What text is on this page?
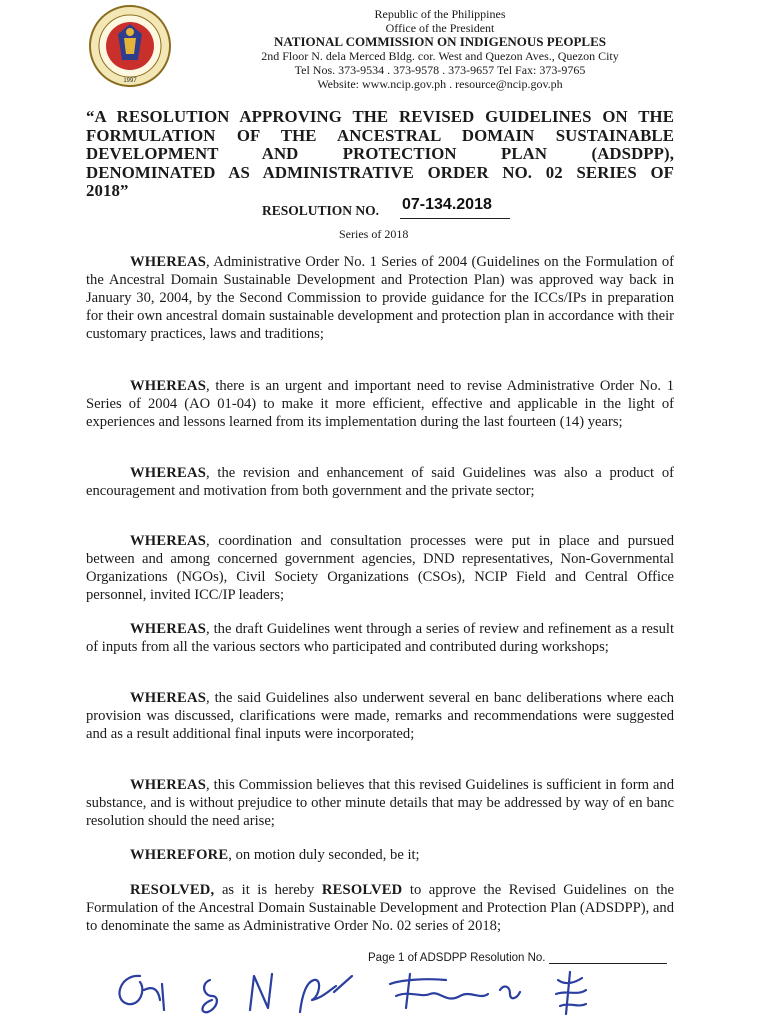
1997
Republic of the Philippines
Office of the President
NATIONAL COMMISSION ON INDIGENOUS PEOPLES
2nd Floor N. dela Merced Bldg. cor. West and Quezon Aves., Quezon City
Tel Nos. 373-9534 . 373-9578 . 373-9657 Tel Fax: 373-9765
Website: www.ncip.gov.ph . resource@ncip.gov.ph
“A RESOLUTION APPROVING THE REVISED GUIDELINES ON THE
FORMULATION OF THE ANCESTRAL DOMAIN SUSTAINABLE
DEVELOPMENT AND PROTECTION PLAN (ADSDPP),
DENOMINATED AS ADMINISTRATIVE ORDER NO. 02 SERIES OF
2018”
RESOLUTION NO. 07-134.2018
Series of 2018

WHEREAS, Administrative Order No. 1 Series of 2004 (Guidelines on the Formulation of the Ancestral Domain Sustainable Development and Protection Plan) was approved way back in January 30, 2004, by the Second Commission to provide guidance for the ICCs/IPs in preparation for their own ancestral domain sustainable development and protection plan in accordance with their customary practices, laws and traditions;

WHEREAS, there is an urgent and important need to revise Administrative Order No. 1 Series of 2004 (AO 01-04) to make it more efficient, effective and applicable in the light of experiences and lessons learned from its implementation during the last fourteen (14) years;

WHEREAS, the revision and enhancement of said Guidelines was also a product of encouragement and motivation from both government and the private sector;

WHEREAS, coordination and consultation processes were put in place and pursued between and among concerned government agencies, DND representatives, Non-Governmental Organizations (NGOs), Civil Society Organizations (CSOs), NCIP Field and Central Office personnel, invited ICC/IP leaders;

WHEREAS, the draft Guidelines went through a series of review and refinement as a result of inputs from all the various sectors who participated and contributed during workshops;

WHEREAS, the said Guidelines also underwent several en banc deliberations where each provision was discussed, clarifications were made, remarks and recommendations were suggested and as a result additional final inputs were incorporated;

WHEREAS, this Commission believes that this revised Guidelines is sufficient in form and substance, and is without prejudice to other minute details that may be addressed by way of en banc resolution should the need arise;

WHEREFORE, on motion duly seconded, be it;

RESOLVED, as it is hereby RESOLVED to approve the Revised Guidelines on the Formulation of the Ancestral Domain Sustainable Development and Protection Plan (ADSDPP), and to denominate the same as Administrative Order No. 02 series of 2018;

Page 1 of ADSDPP Resolution No.
